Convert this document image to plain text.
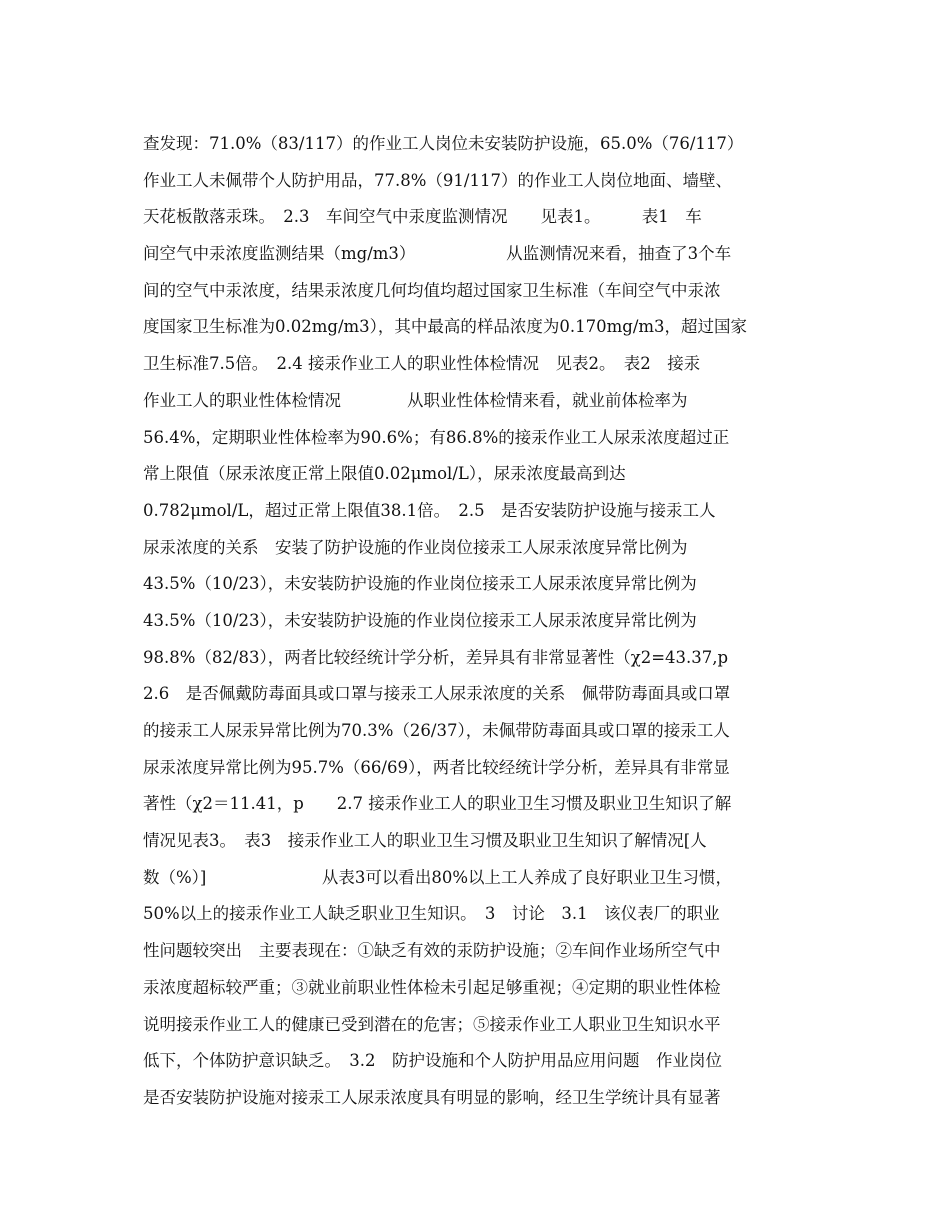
查发现：71.0%（83/117）的作业工人岗位未安装防护设施，65.0%（76/117）
作业工人未佩带个人防护用品，77.8%（91/117）的作业工人岗位地面、墙壁、
天花板散落汞珠。　2.3　车间空气中汞度监测情况　　见表1。　　　表1　车
间空气中汞浓度监测结果（mg/m3）　　　　　　从监测情况来看，抽查了3个车
间的空气中汞浓度，结果汞浓度几何均值均超过国家卫生标准（车间空气中汞浓
度国家卫生标准为0.02mg/m3），其中最高的样品浓度为0.170mg/m3，超过国家
卫生标准7.5倍。　2.4 接汞作业工人的职业性体检情况　见表2。　表2　接汞
作业工人的职业性体检情况　　　　从职业性体检情来看，就业前体检率为
56.4%，定期职业性体检率为90.6%；有86.8%的接汞作业工人尿汞浓度超过正
常上限值（尿汞浓度正常上限值0.02μmol/L），尿汞浓度最高到达
0.782μmol/L，超过正常上限值38.1倍。　2.5　是否安装防护设施与接汞工人
尿汞浓度的关系　安装了防护设施的作业岗位接汞工人尿汞浓度异常比例为
43.5%（10/23），未安装防护设施的作业岗位接汞工人尿汞浓度异常比例为
43.5%（10/23），未安装防护设施的作业岗位接汞工人尿汞浓度异常比例为
98.8%（82/83），两者比较经统计学分析，差异具有非常显著性（χ2=43.37,p
2.6　是否佩戴防毒面具或口罩与接汞工人尿汞浓度的关系　佩带防毒面具或口罩
的接汞工人尿汞异常比例为70.3%（26/37），未佩带防毒面具或口罩的接汞工人
尿汞浓度异常比例为95.7%（66/69），两者比较经统计学分析，差异具有非常显
著性（χ2＝11.41，p　　2.7 接汞作业工人的职业卫生习惯及职业卫生知识了解
情况见表3。　表3　接汞作业工人的职业卫生习惯及职业卫生知识了解情况[人
数（%）]　　　　　　　从表3可以看出80%以上工人养成了良好职业卫生习惯，
50%以上的接汞作业工人缺乏职业卫生知识。　3　讨论　3.1　该仪表厂的职业
性问题较突出　主要表现在：①缺乏有效的汞防护设施；②车间作业场所空气中
汞浓度超标较严重；③就业前职业性体检未引起足够重视；④定期的职业性体检
说明接汞作业工人的健康已受到潜在的危害；⑤接汞作业工人职业卫生知识水平
低下，个体防护意识缺乏。　3.2　防护设施和个人防护用品应用问题　作业岗位
是否安装防护设施对接汞工人尿汞浓度具有明显的影响，经卫生学统计具有显著
